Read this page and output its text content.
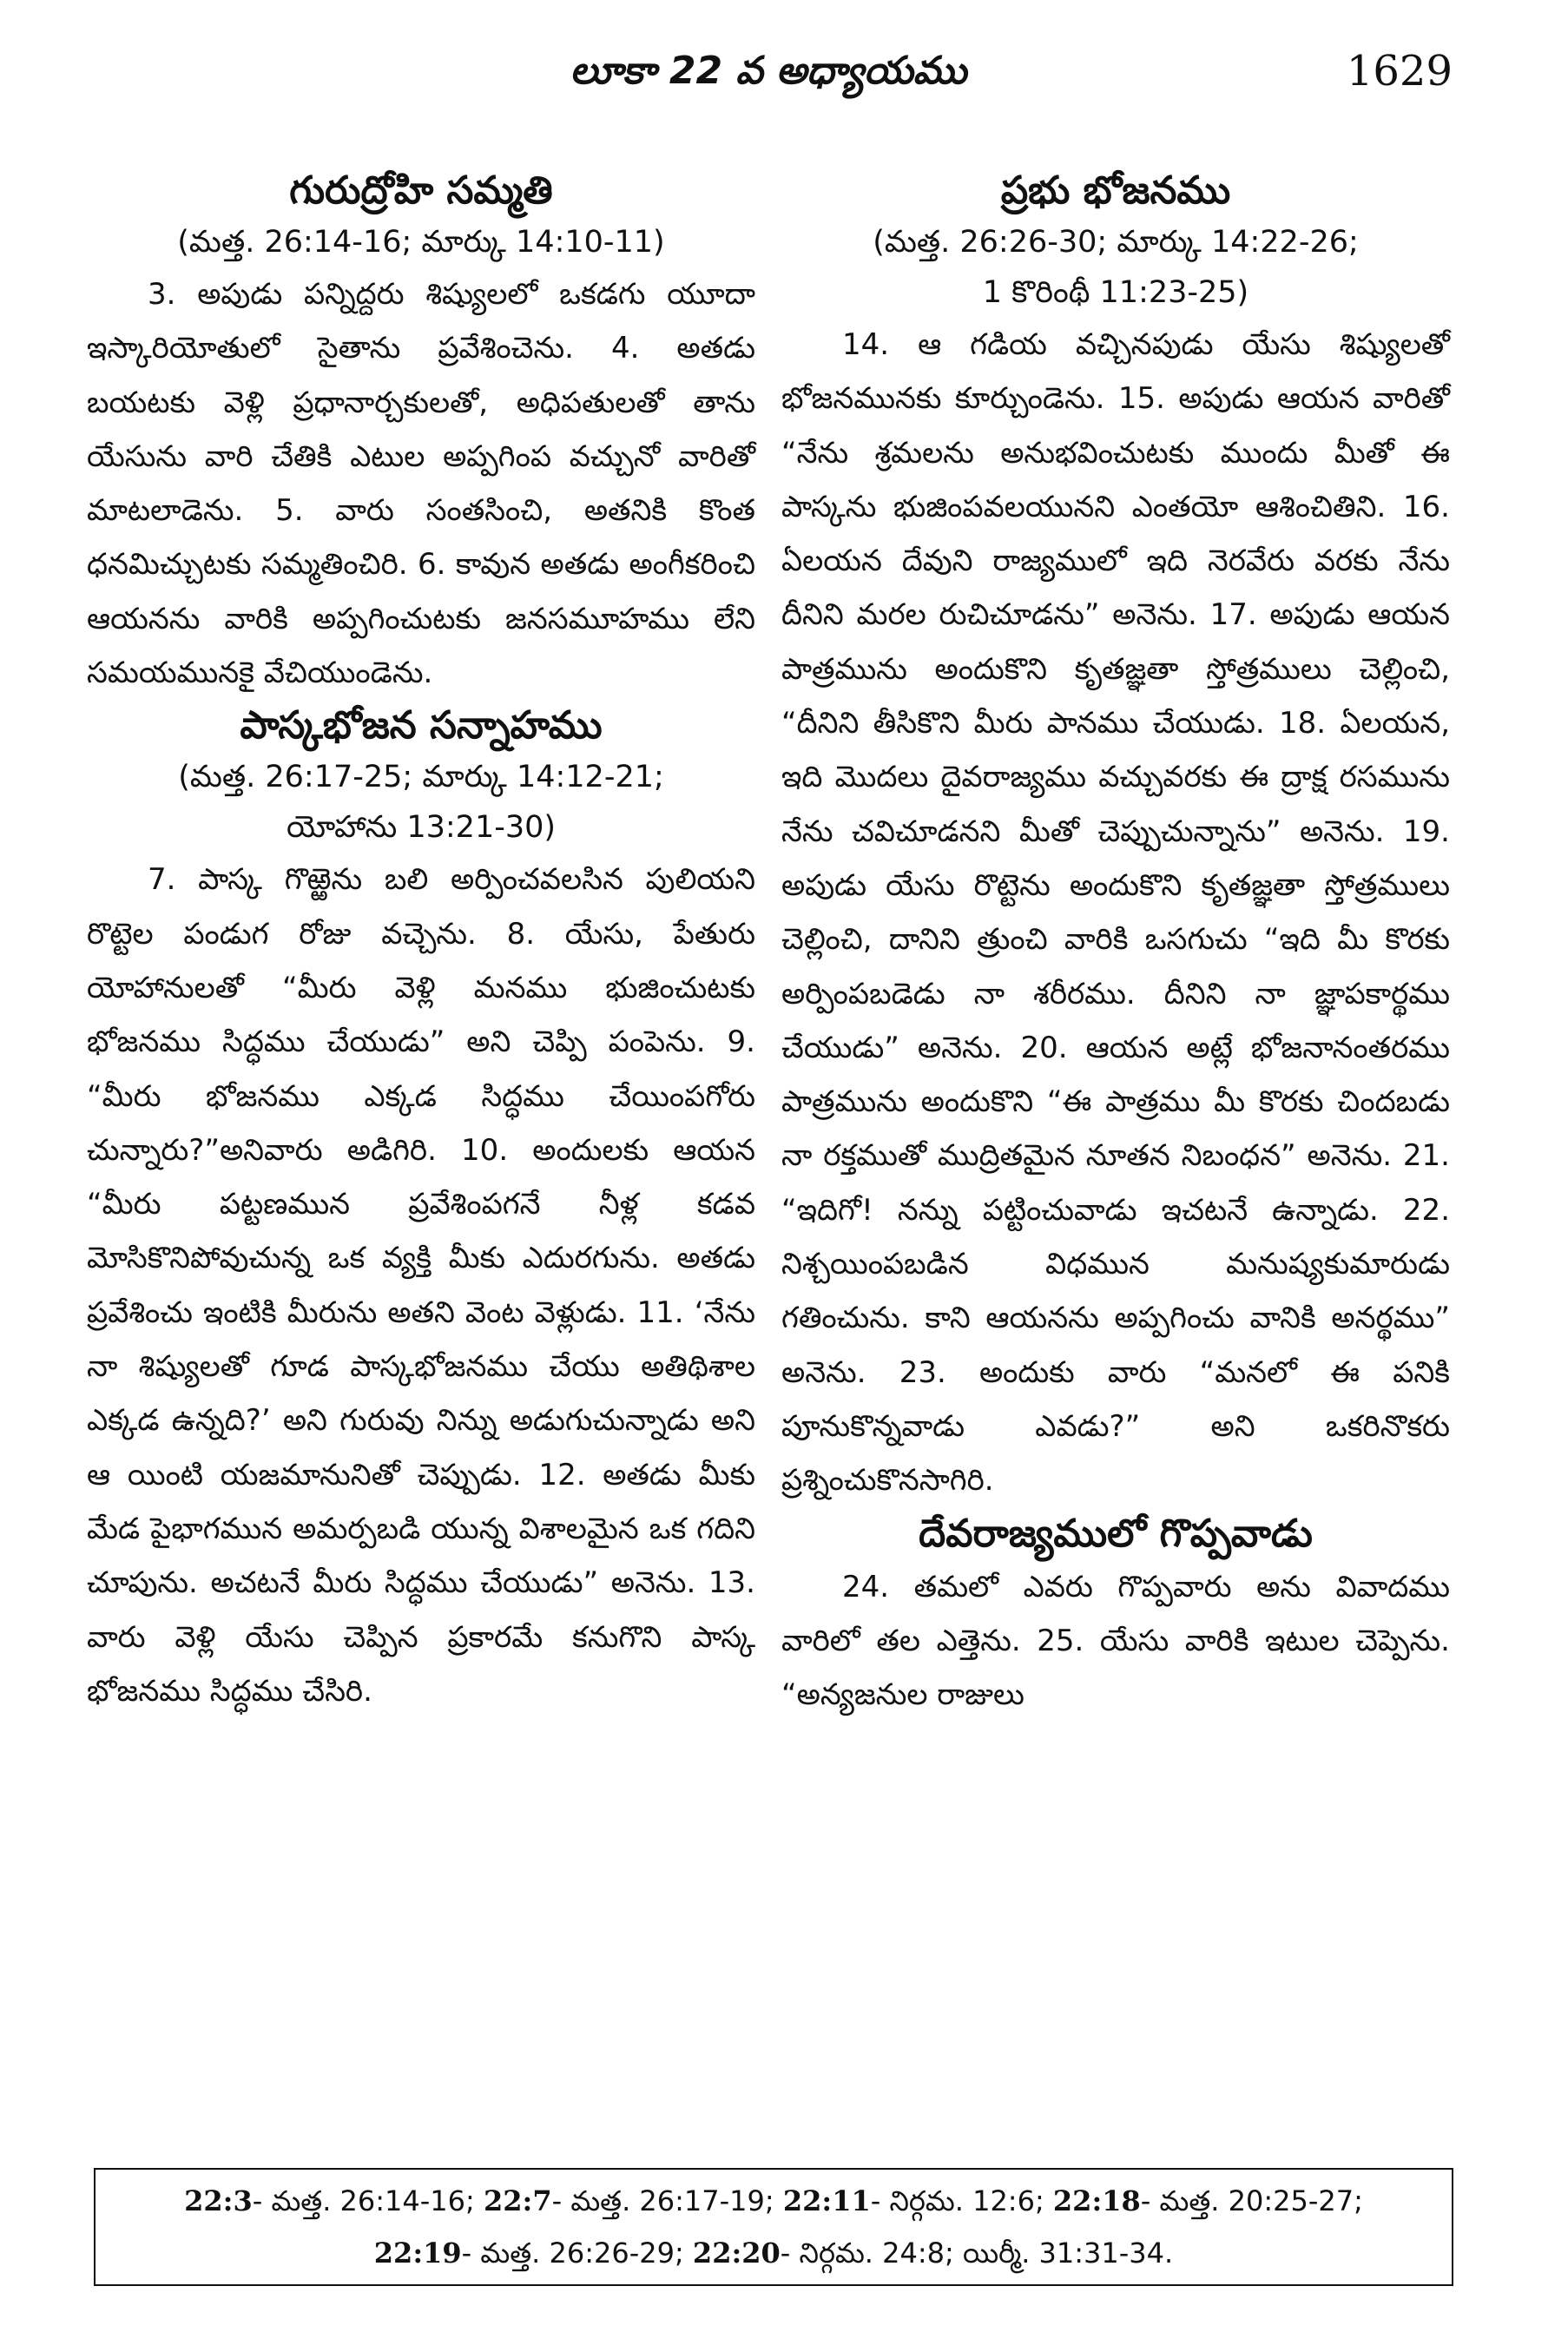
లూకా 22 వ అధ్యాయము	1629
గురుద్రోహి సమ్మతి
(మత్త. 26:14-16; మార్కు 14:10-11)

3. అపుడు పన్నిద్దరు శిష్యులలో ఒకడగు యూదా ఇస్కారియోతులో సైతాను ప్రవేశించెను. 4. అతడు బయటకు వెళ్లి ప్రధానార్చకులతో, అధిపతులతో తాను యేసును వారి చేతికి ఎటుల అప్పగింప వచ్చునో వారితో మాటలాడెను. 5. వారు సంతసించి, అతనికి కొంత ధనమిచ్చుటకు సమ్మతించిరి. 6. కావున అతడు అంగీకరించి ఆయనను వారికి అప్పగించుటకు జనసమూహము లేని సమయమునకై వేచియుండెను.

పాస్కభోజన సన్నాహము
(మత్త. 26:17-25; మార్కు 14:12-21;
యోహాను 13:21-30)

7. పాస్క గొఱ్ఱెను బలి అర్పించవలసిన పులియని రొట్టెల పండుగ రోజు వచ్చెను. 8. యేసు, పేతురు యోహానులతో “మీరు వెళ్లి మనము భుజించుటకు భోజనము సిద్ధము చేయుడు” అని చెప్పి పంపెను. 9. “మీరు భోజనము ఎక్కడ సిద్ధము చేయింపగోరు చున్నారు?”అనివారు అడిగిరి. 10. అందులకు ఆయన “మీరు పట్టణమున ప్రవేశింపగనే నీళ్ల కడవ మోసికొనిపోవుచున్న ఒక వ్యక్తి మీకు ఎదురగును. అతడు ప్రవేశించు ఇంటికి మీరును అతని వెంట వెళ్లుడు. 11. ‘నేను నా శిష్యులతో గూడ పాస్కభోజనము చేయు అతిథిశాల ఎక్కడ ఉన్నది?’ అని గురువు నిన్ను అడుగుచున్నాడు అని ఆ యింటి యజమానునితో చెప్పుడు. 12. అతడు మీకు మేడ పైభాగమున అమర్పబడి యున్న విశాలమైన ఒక గదిని చూపును. అచటనే మీరు సిద్ధము చేయుడు” అనెను. 13. వారు వెళ్లి యేసు చెప్పిన ప్రకారమే కనుగొని పాస్క భోజనము సిద్ధము చేసిరి.

ప్రభు భోజనము
(మత్త. 26:26-30; మార్కు 14:22-26;
1 కొరింథీ 11:23-25)

14. ఆ గడియ వచ్చినపుడు యేసు శిష్యులతో భోజనమునకు కూర్చుండెను. 15. అపుడు ఆయన వారితో “నేను శ్రమలను అనుభవించుటకు ముందు మీతో ఈ పాస్కను భుజింపవలయునని ఎంతయో ఆశించితిని. 16. ఏలయన దేవుని రాజ్యములో ఇది నెరవేరు వరకు నేను దీనిని మరల రుచిచూడను” అనెను. 17. అపుడు ఆయన పాత్రమును అందుకొని కృతజ్ఞతా స్తోత్రములు చెల్లించి, “దీనిని తీసికొని మీరు పానము చేయుడు. 18. ఏలయన, ఇది మొదలు దైవరాజ్యము వచ్చువరకు ఈ ద్రాక్ష రసమును నేను చవిచూడనని మీతో చెప్పుచున్నాను” అనెను. 19. అపుడు యేసు రొట్టెను అందుకొని కృతజ్ఞతా స్తోత్రములు చెల్లించి, దానిని త్రుంచి వారికి ఒసగుచు “ఇది మీ కొరకు అర్పింపబడెడు నా శరీరము. దీనిని నా జ్ఞాపకార్థము చేయుడు” అనెను. 20. ఆయన అట్లే భోజనానంతరము పాత్రమును అందుకొని “ఈ పాత్రము మీ కొరకు చిందబడు నా రక్తముతో ముద్రితమైన నూతన నిబంధన” అనెను. 21. “ఇదిగో! నన్ను పట్టించువాడు ఇచటనే ఉన్నాడు. 22. నిశ్చయింపబడిన విధమున మనుష్యకుమారుడు గతించును. కాని ఆయనను అప్పగించు వానికి అనర్థము” అనెను. 23. అందుకు వారు “మనలో ఈ పనికి పూనుకొన్నవాడు ఎవడు?” అని ఒకరినొకరు ప్రశ్నించుకొనసాగిరి.

దేవరాజ్యములో గొప్పవాడు

24. తమలో ఎవరు గొప్పవారు అను వివాదము వారిలో తల ఎత్తెను. 25. యేసు వారికి ఇటుల చెప్పెను. “అన్యజనుల రాజులు

22:3- మత్త. 26:14-16; 22:7- మత్త. 26:17-19; 22:11- నిర్గమ. 12:6; 22:18- మత్త. 20:25-27;
22:19- మత్త. 26:26-29; 22:20- నిర్గమ. 24:8; యిర్మీ. 31:31-34.
